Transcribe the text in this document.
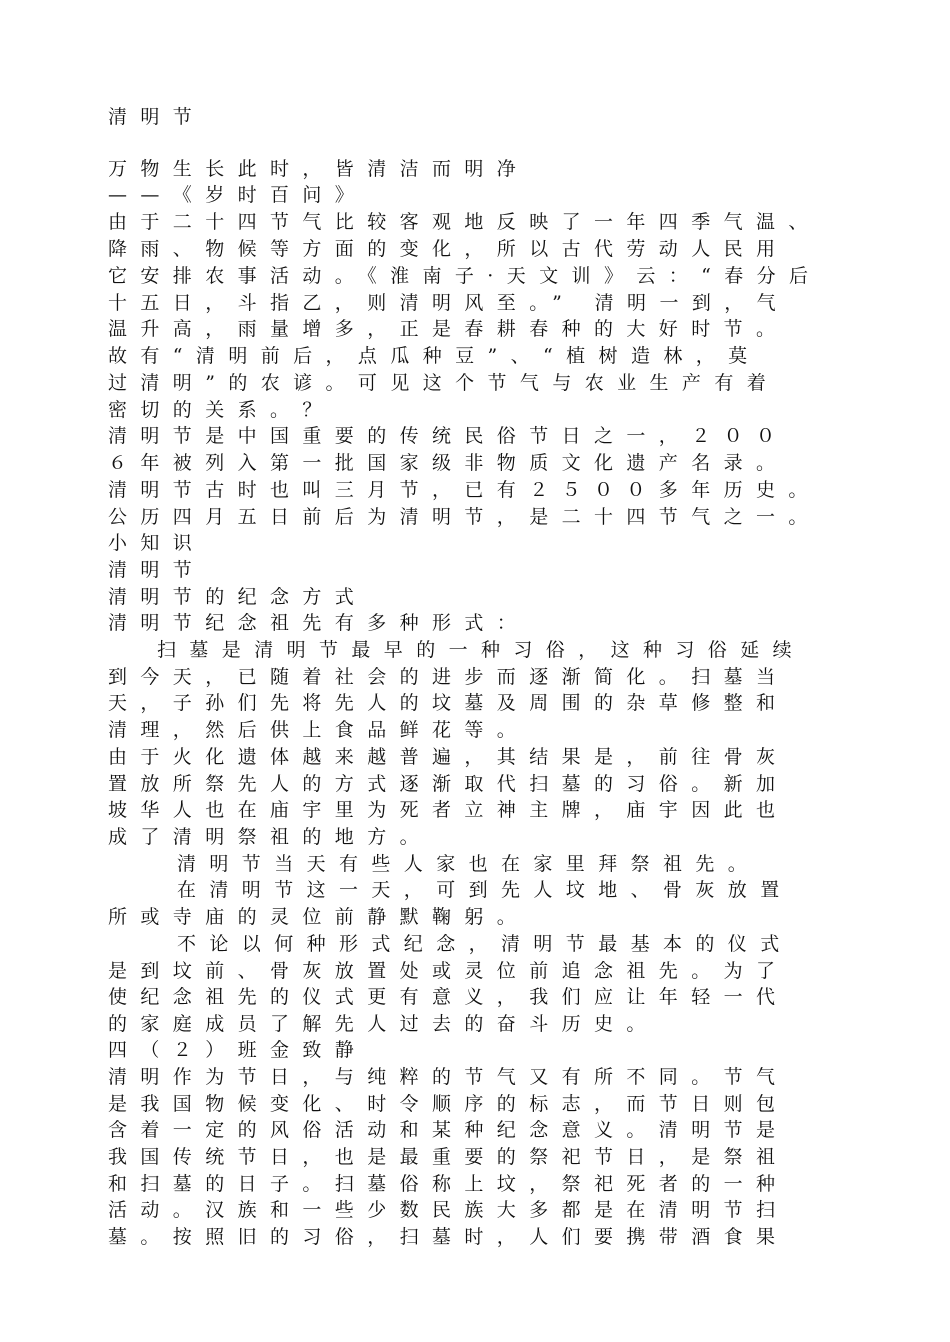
清明节
万物生长此时，皆清洁而明净
——《岁时百问》
由于二十四节气比较客观地反映了一年四季气温、
降雨、物候等方面的变化，所以古代劳动人民用
它安排农事活动。《淮南子·天文训》云：“春分后
十五日，斗指乙，则清明风至。” 清明一到，气
温升高，雨量增多，正是春耕春种的大好时节。
故有“清明前后，点瓜种豆”、“植树造林，莫
过清明”的农谚。可见这个节气与农业生产有着
密切的关系。？
清明节是中国重要的传统民俗节日之一，２００
６年被列入第一批国家级非物质文化遗产名录。
清明节古时也叫三月节，已有２５００多年历史。
公历四月五日前后为清明节，是二十四节气之一。
小知识
清明节
清明节的纪念方式
清明节纪念祖先有多种形式：
扫墓是清明节最早的一种习俗，这种习俗延续
到今天，已随着社会的进步而逐渐简化。扫墓当
天，子孙们先将先人的坟墓及周围的杂草修整和
清理，然后供上食品鲜花等。
由于火化遗体越来越普遍，其结果是，前往骨灰
置放所祭先人的方式逐渐取代扫墓的习俗。新加
坡华人也在庙宇里为死者立神主牌，庙宇因此也
成了清明祭祖的地方。
清明节当天有些人家也在家里拜祭祖先。
在清明节这一天，可到先人坟地、骨灰放置
所或寺庙的灵位前静默鞠躬。
不论以何种形式纪念，清明节最基本的仪式
是到坟前、骨灰放置处或灵位前追念祖先。为了
使纪念祖先的仪式更有意义，我们应让年轻一代
的家庭成员了解先人过去的奋斗历史。
四（２）班金致静
清明作为节日，与纯粹的节气又有所不同。节气
是我国物候变化、时令顺序的标志，而节日则包
含着一定的风俗活动和某种纪念意义。清明节是
我国传统节日，也是最重要的祭祀节日，是祭祖
和扫墓的日子。扫墓俗称上坟，祭祀死者的一种
活动。汉族和一些少数民族大多都是在清明节扫
墓。按照旧的习俗，扫墓时，人们要携带酒食果
